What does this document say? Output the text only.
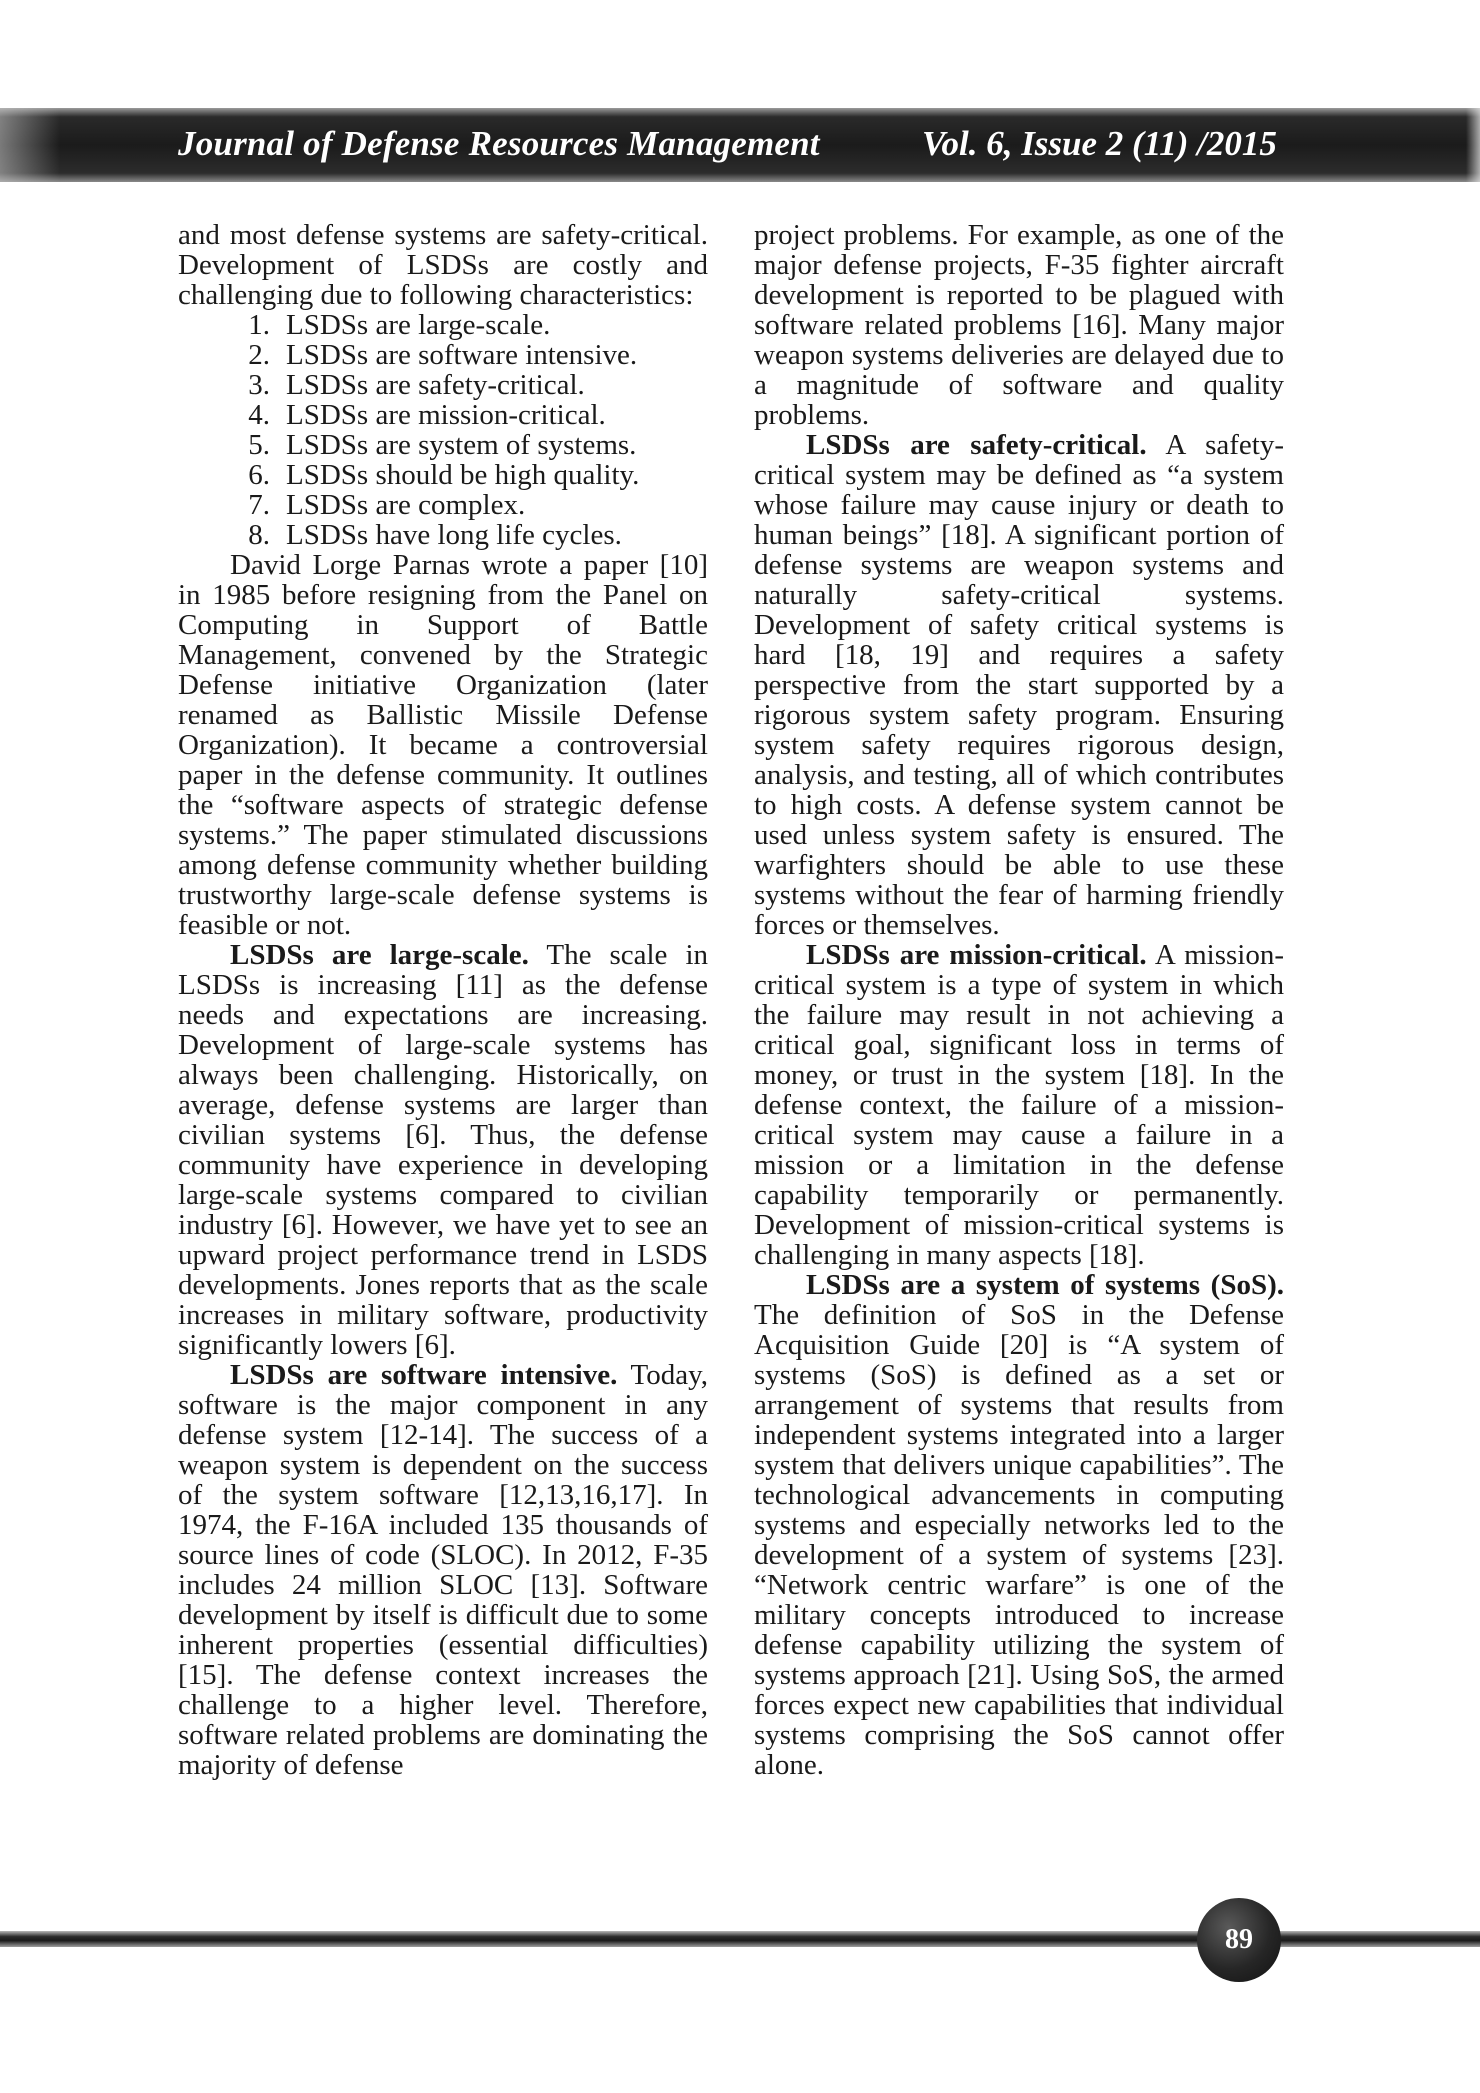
Journal of Defense Resources Management	Vol. 6, Issue 2 (11) /2015

and most defense systems are safety-critical. Development of LSDSs are costly and challenging due to following characteristics:

1. LSDSs are large-scale.
2. LSDSs are software intensive.
3. LSDSs are safety-critical.
4. LSDSs are mission-critical.
5. LSDSs are system of systems.
6. LSDSs should be high quality.
7. LSDSs are complex.
8. LSDSs have long life cycles.

David Lorge Parnas wrote a paper [10] in 1985 before resigning from the Panel on Computing in Support of Battle Management, convened by the Strategic Defense initiative Organization (later renamed as Ballistic Missile Defense Organization). It became a controversial paper in the defense community. It outlines the “software aspects of strategic defense systems.” The paper stimulated discussions among defense community whether building trustworthy large-scale defense systems is feasible or not.

LSDSs are large-scale. The scale in LSDSs is increasing [11] as the defense needs and expectations are increasing. Development of large-scale systems has always been challenging. Historically, on average, defense systems are larger than civilian systems [6]. Thus, the defense community have experience in developing large-scale systems compared to civilian industry [6]. However, we have yet to see an upward project performance trend in LSDS developments. Jones reports that as the scale increases in military software, productivity significantly lowers [6].

LSDSs are software intensive. Today, software is the major component in any defense system [12-14]. The success of a weapon system is dependent on the success of the system software [12,13,16,17]. In 1974, the F-16A included 135 thousands of source lines of code (SLOC). In 2012, F-35 includes 24 million SLOC [13]. Software development by itself is difficult due to some inherent properties (essential difficulties) [15]. The defense context increases the challenge to a higher level. Therefore, software related problems are dominating the majority of defense

project problems. For example, as one of the major defense projects, F-35 fighter aircraft development is reported to be plagued with software related problems [16]. Many major weapon systems deliveries are delayed due to a magnitude of software and quality problems.

LSDSs are safety-critical. A safety-critical system may be defined as “a system whose failure may cause injury or death to human beings” [18]. A significant portion of defense systems are weapon systems and naturally safety-critical systems. Development of safety critical systems is hard [18, 19] and requires a safety perspective from the start supported by a rigorous system safety program. Ensuring system safety requires rigorous design, analysis, and testing, all of which contributes to high costs. A defense system cannot be used unless system safety is ensured. The warfighters should be able to use these systems without the fear of harming friendly forces or themselves.

LSDSs are mission-critical. A mission-critical system is a type of system in which the failure may result in not achieving a critical goal, significant loss in terms of money, or trust in the system [18]. In the defense context, the failure of a mission-critical system may cause a failure in a mission or a limitation in the defense capability temporarily or permanently. Development of mission-critical systems is challenging in many aspects [18].

LSDSs are a system of systems (SoS). The definition of SoS in the Defense Acquisition Guide [20] is “A system of systems (SoS) is defined as a set or arrangement of systems that results from independent systems integrated into a larger system that delivers unique capabilities”. The technological advancements in computing systems and especially networks led to the development of a system of systems [23]. “Network centric warfare” is one of the military concepts introduced to increase defense capability utilizing the system of systems approach [21]. Using SoS, the armed forces expect new capabilities that individual systems comprising the SoS cannot offer alone.

89
